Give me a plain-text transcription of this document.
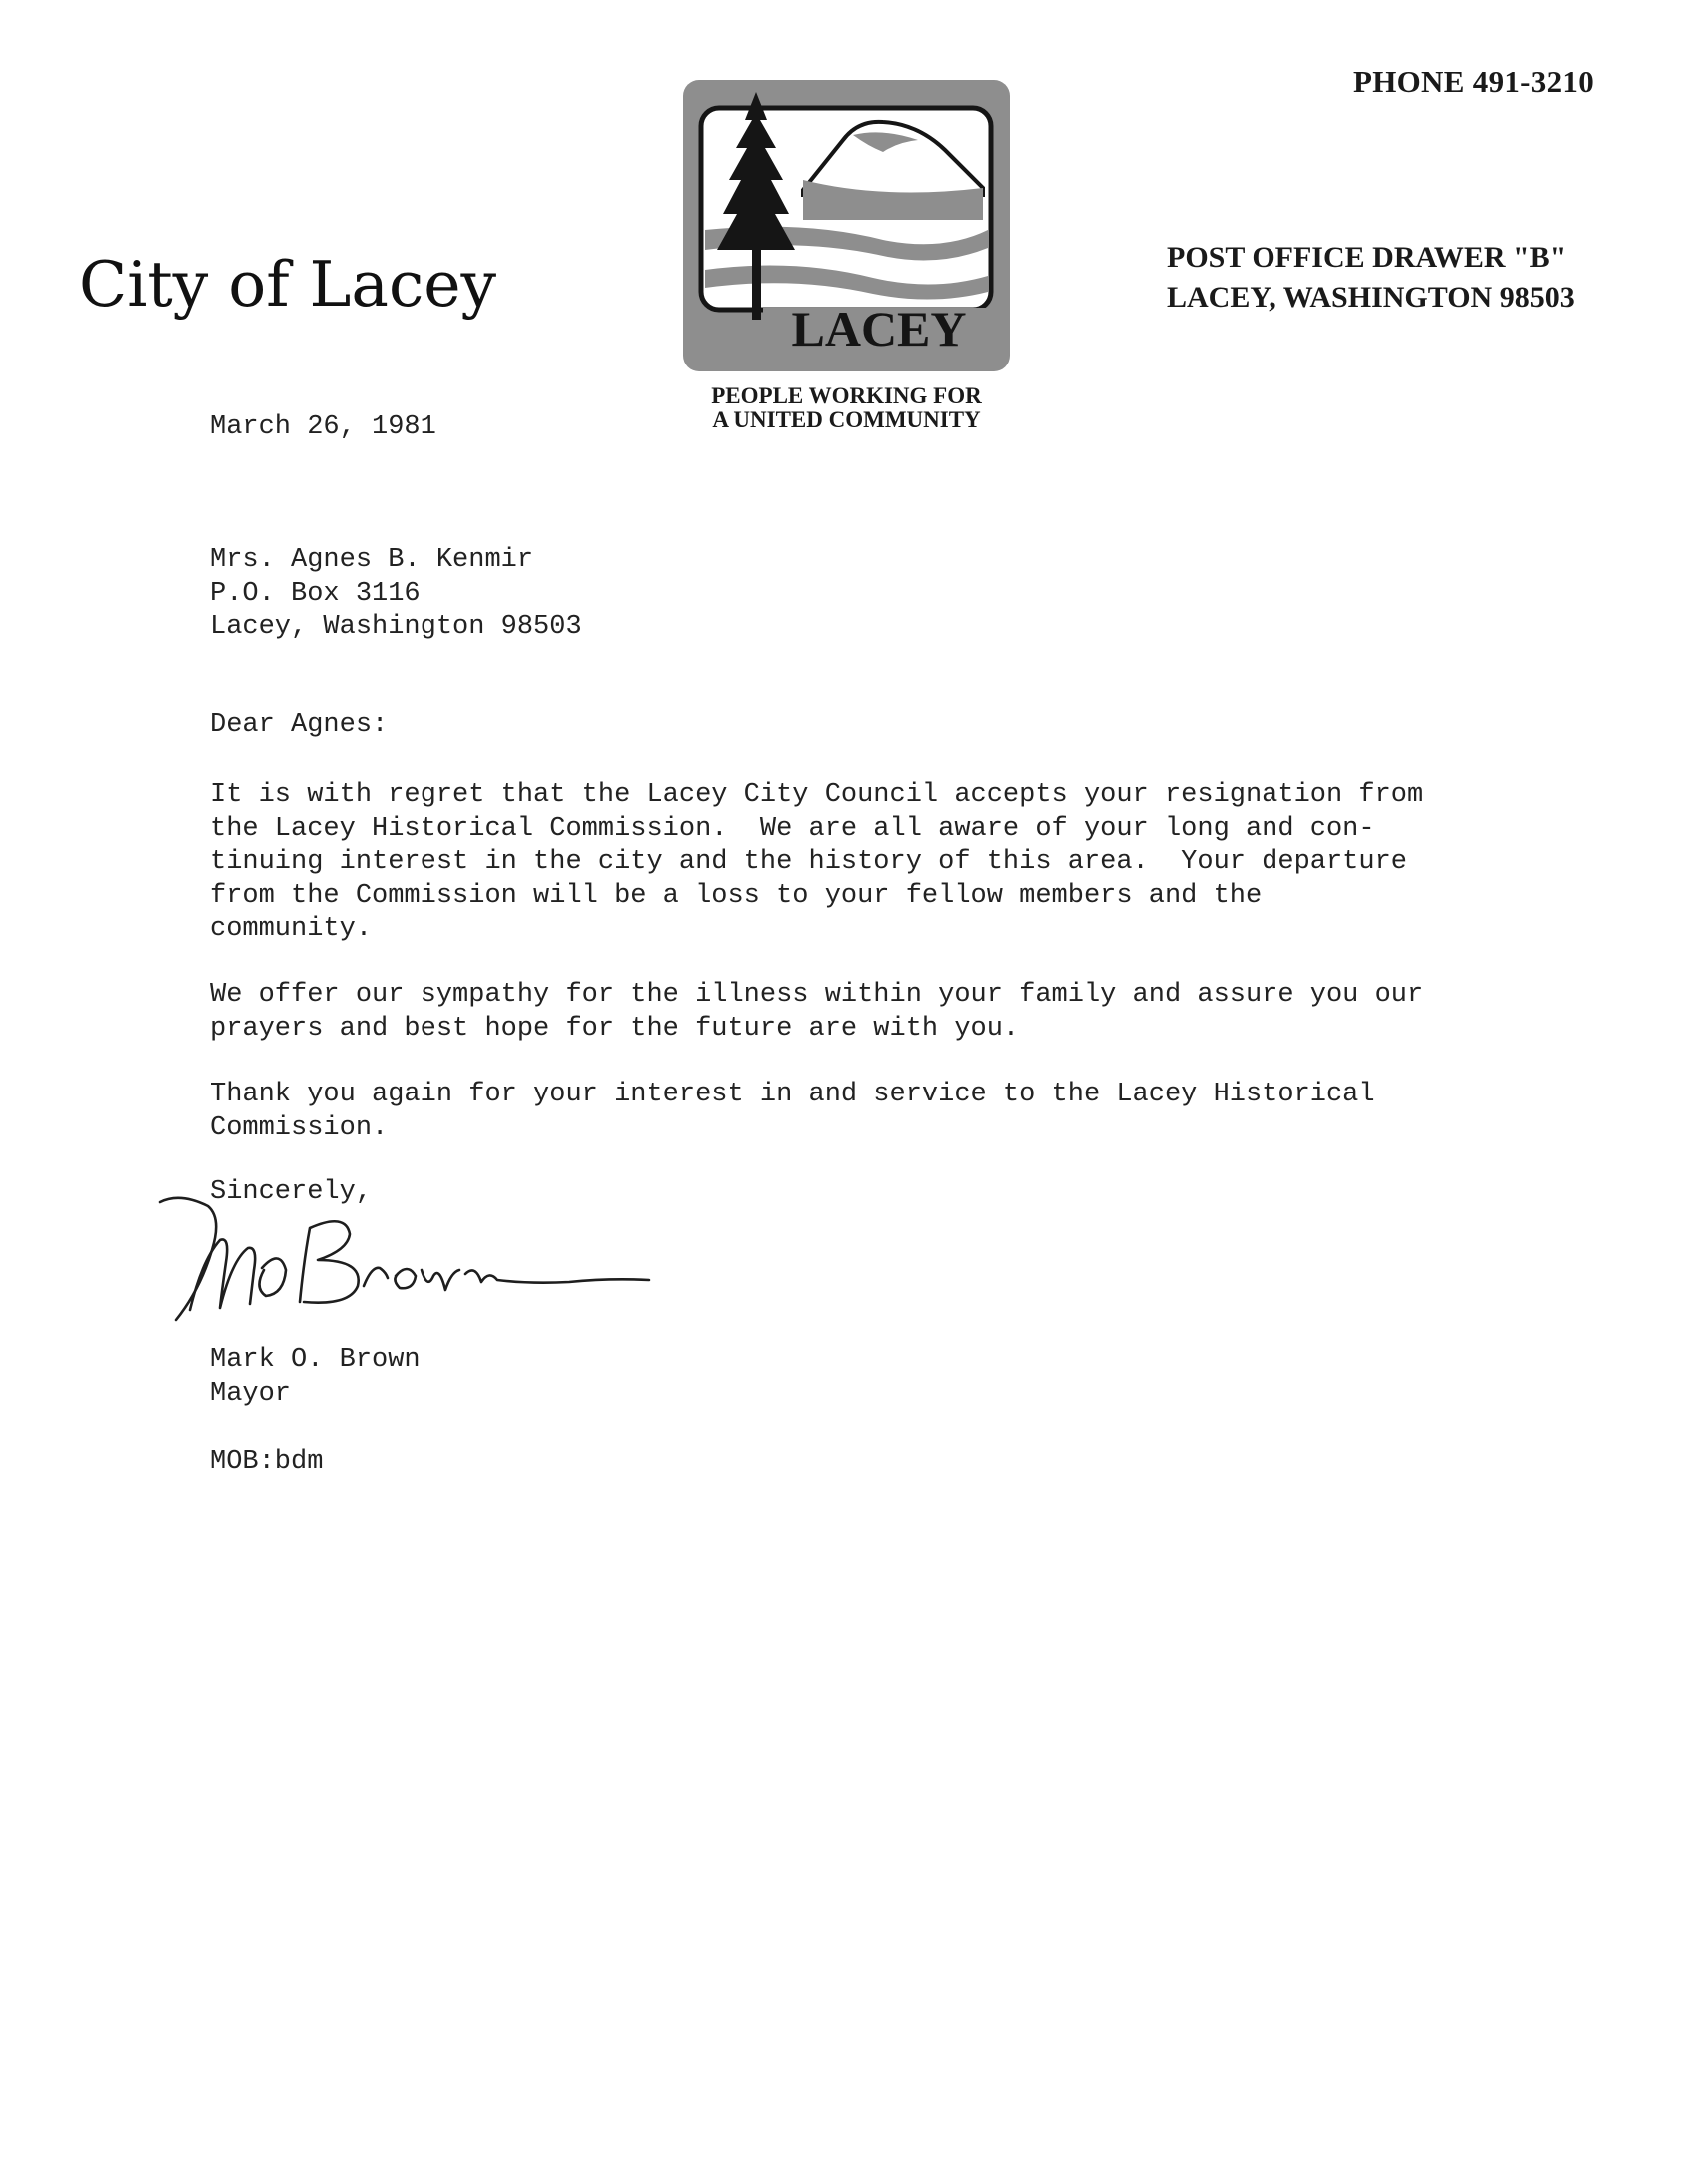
PHONE 491-3210
City of Lacey
LACEY
PEOPLE WORKING FOR
A UNITED COMMUNITY
POST OFFICE DRAWER "B"
LACEY, WASHINGTON 98503
March 26, 1981
Mrs. Agnes B. Kenmir
P.O. Box 3116
Lacey, Washington 98503
Dear Agnes:
It is with regret that the Lacey City Council accepts your resignation from
the Lacey Historical Commission.  We are all aware of your long and con-
tinuing interest in the city and the history of this area.  Your departure
from the Commission will be a loss to your fellow members and the
community.
We offer our sympathy for the illness within your family and assure you our
prayers and best hope for the future are with you.
Thank you again for your interest in and service to the Lacey Historical
Commission.
Sincerely,
Mark O. Brown
Mayor
MOB:bdm
